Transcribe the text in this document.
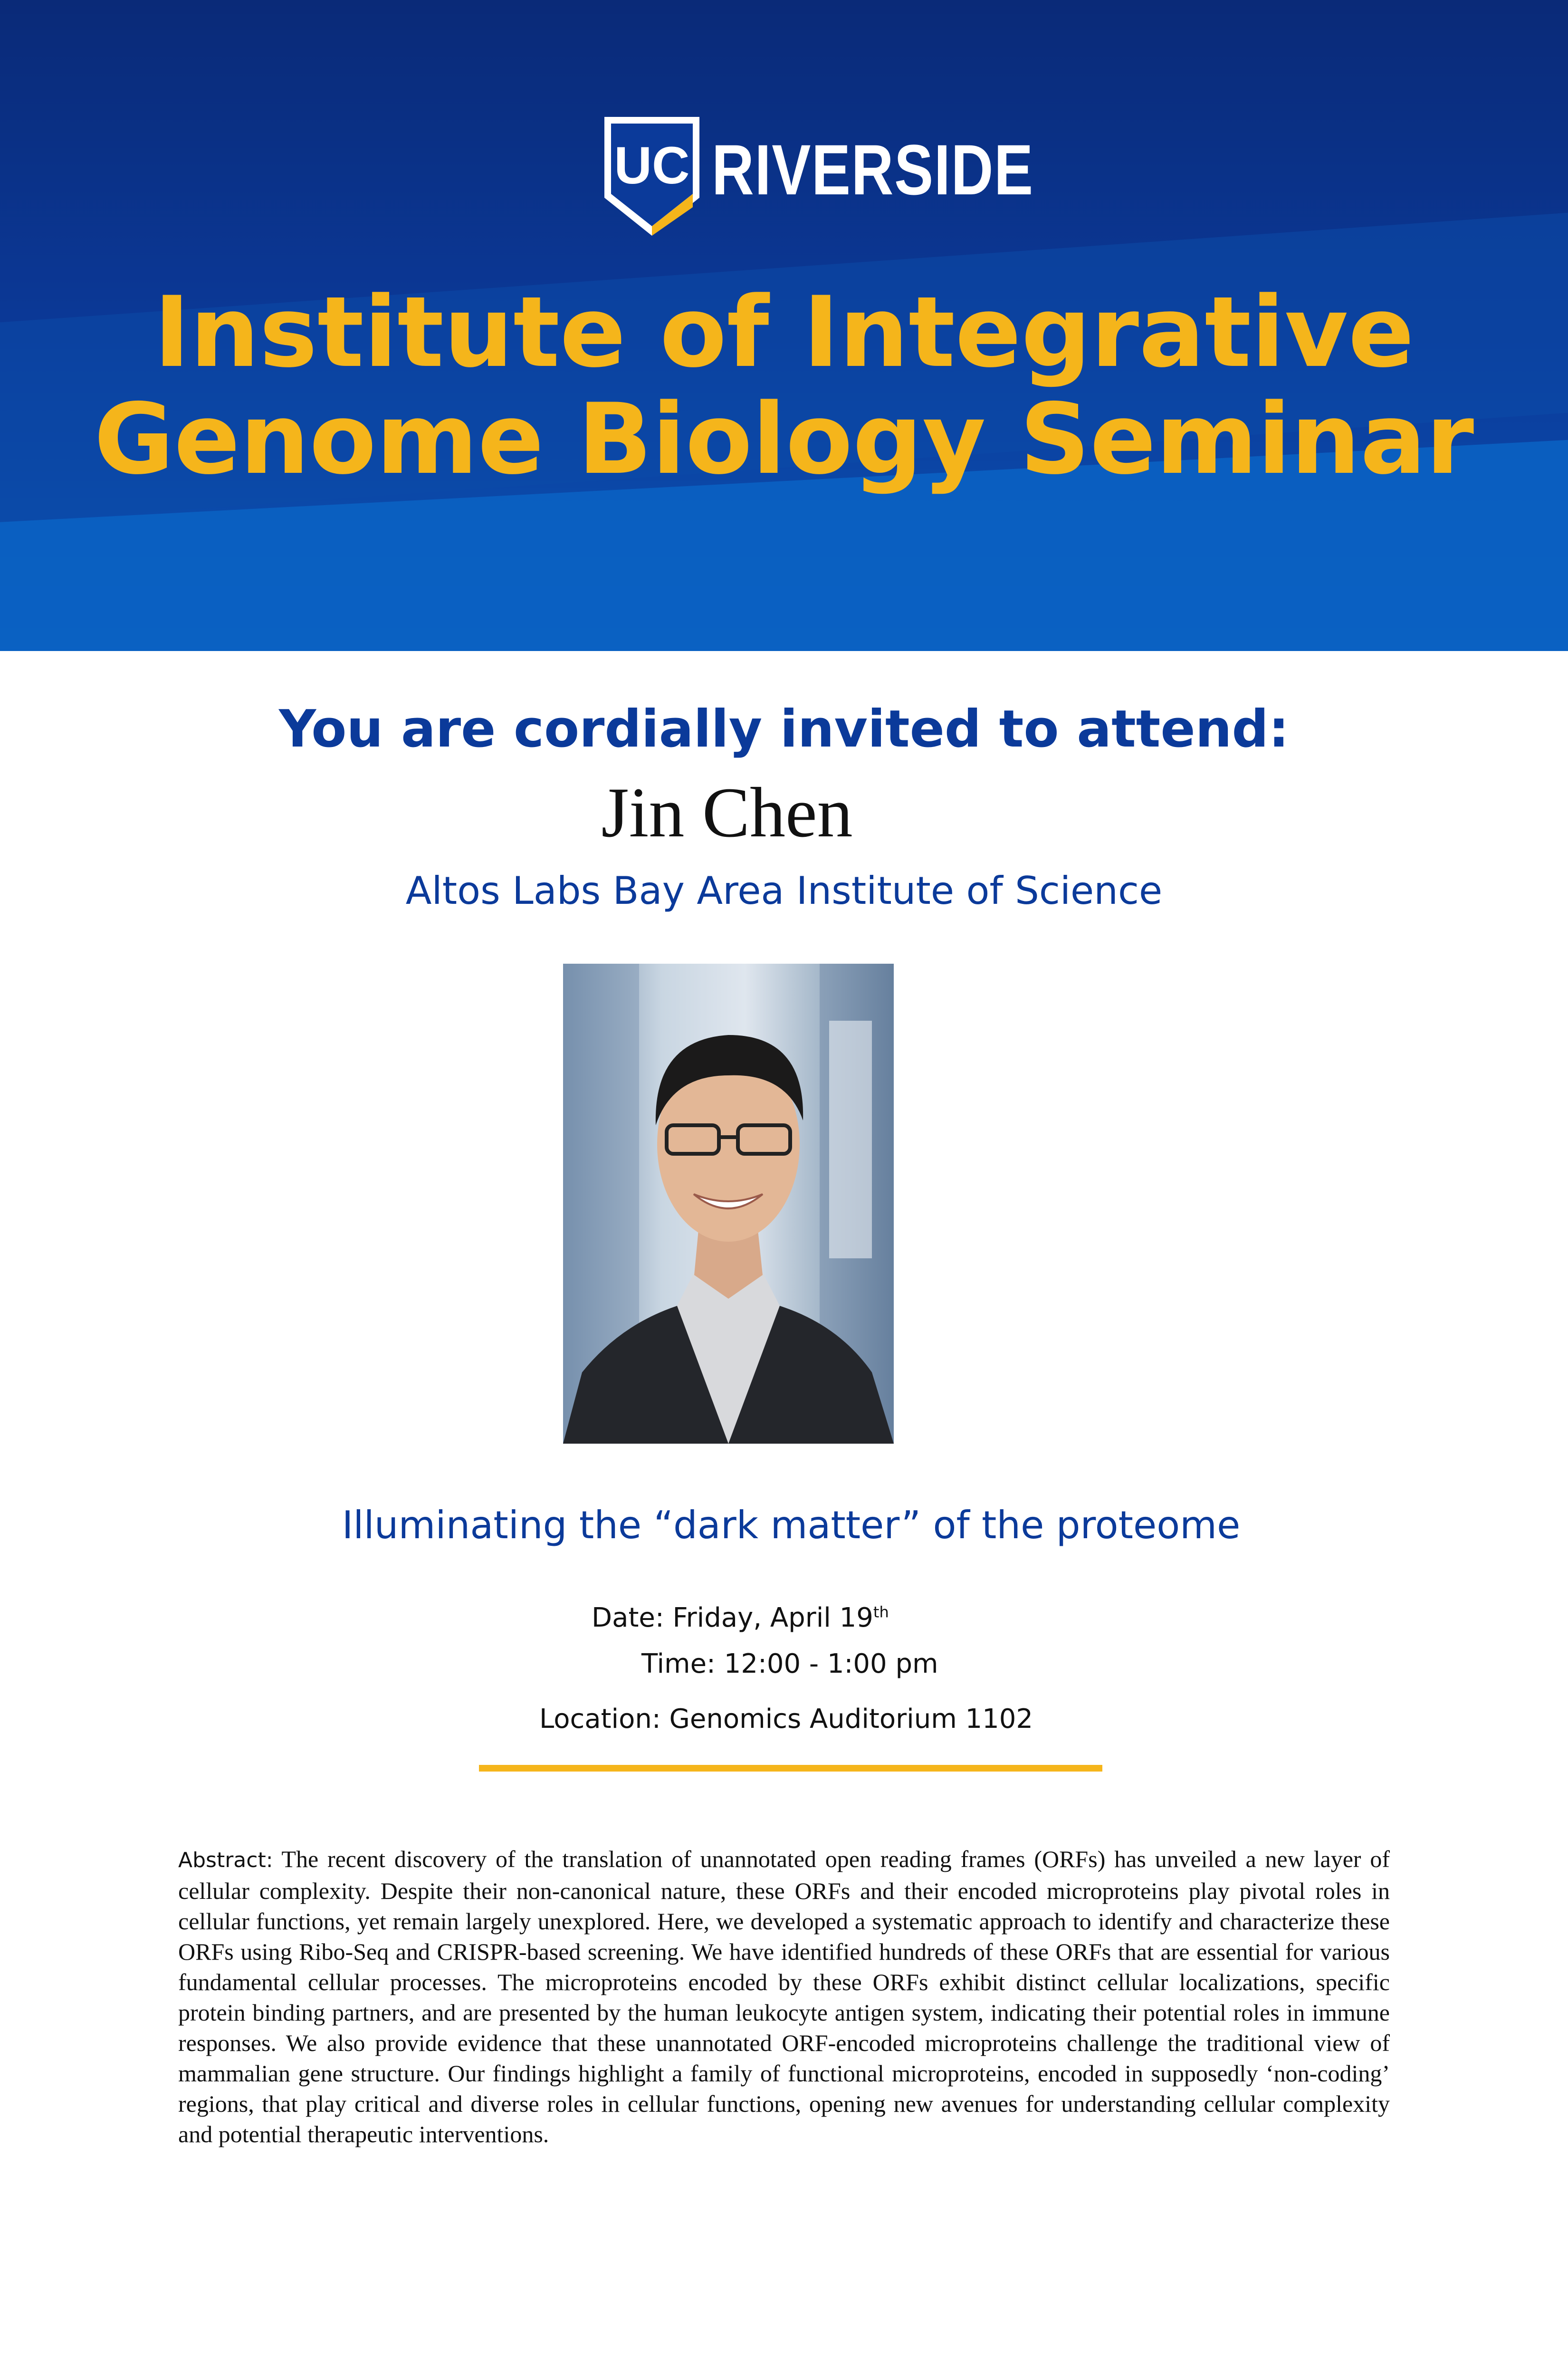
UC RIVERSIDE
Institute of Integrative
Genome Biology Seminar
You are cordially invited to attend:
Jin Chen
Altos Labs Bay Area Institute of Science
Illuminating the “dark matter” of the proteome
Date: Friday, April 19th
Time: 12:00 - 1:00 pm
Location: Genomics Auditorium 1102
Abstract: The recent discovery of the translation of unannotated open reading frames (ORFs) has unveiled a new layer of cellular complexity. Despite their non-canonical nature, these ORFs and their encoded microproteins play pivotal roles in cellular functions, yet remain largely unexplored. Here, we developed a systematic approach to identify and characterize these ORFs using Ribo-Seq and CRISPR-based screening. We have identified hundreds of these ORFs that are essential for various fundamental cellular processes. The microproteins encoded by these ORFs exhibit distinct cellular localizations, specific protein binding partners, and are presented by the human leukocyte antigen system, indicating their potential roles in immune responses. We also provide evidence that these unannotated ORF-encoded microproteins challenge the traditional view of mammalian gene structure. Our findings highlight a family of functional microproteins, encoded in supposedly ‘non-coding’ regions, that play critical and diverse roles in cellular functions, opening new avenues for understanding cellular complexity and potential therapeutic interventions.
